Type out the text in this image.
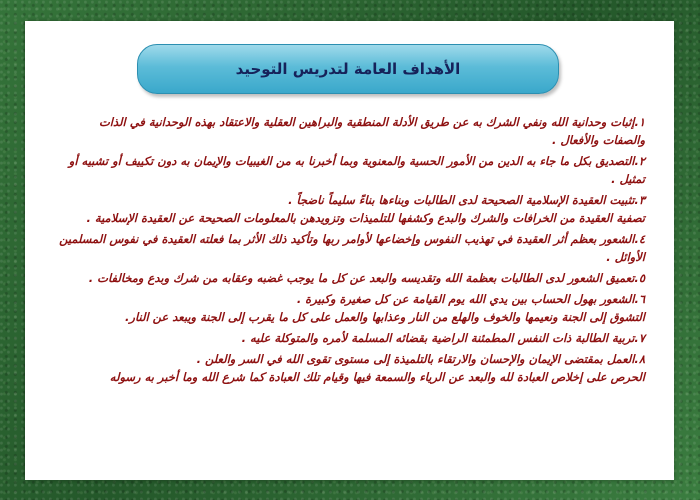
الأهداف العامة لتدريس التوحيد
١.إثبات وحدانية الله ونفي الشرك به عن طريق الأدلة المنطقية والبراهين العقلية والاعتقاد بهذه الوحدانية في الذات والصفات والأفعال .
٢.التصديق بكل ما جاء به الدين من الأمور الحسية والمعنوية وبما أخبرنا به من الغيبيات والإيمان به دون تكييف أو تشبيه أو تمثيل .
٣.تثبيت العقيدة الإسلامية الصحيحة لدى الطالبات وبناءها بناءً سليماً ناضجاً .
تصفية العقيدة من الخرافات والشرك والبدع وكشفها للتلميذات وتزويدهن بالمعلومات الصحيحة عن العقيدة الإسلامية .
٤.الشعور بعظم أثر العقيدة في تهذيب النفوس وإخضاعها لأوامر ربها وتأكيد ذلك الأثر بما فعلته العقيدة في نفوس المسلمين الأوائل .
٥.تعميق الشعور لدى الطالبات بعظمة الله وتقديسه والبعد عن كل ما يوجب غضبه وعقابه من شرك وبدع ومخالفات .
٦.الشعور بهول الحساب بين يدي الله يوم القيامة عن كل صغيرة وكبيرة .
التشوق إلى الجنة ونعيمها والخوف والهلع من النار وعذابها والعمل على كل ما يقرب إلى الجنة ويبعد عن النار.
٧.تربية الطالبة ذات النفس المطمئنة الراضية بقضائه المسلمة لأمره والمتوكلة عليه .
٨.العمل بمقتضى الإيمان والإحسان والارتقاء بالتلميذة إلى مستوى تقوى الله في السر والعلن .
الحرص على إخلاص العبادة لله والبعد عن الرياء والسمعة فيها وقيام تلك العبادة كما شرع الله وما أخبر به رسوله
